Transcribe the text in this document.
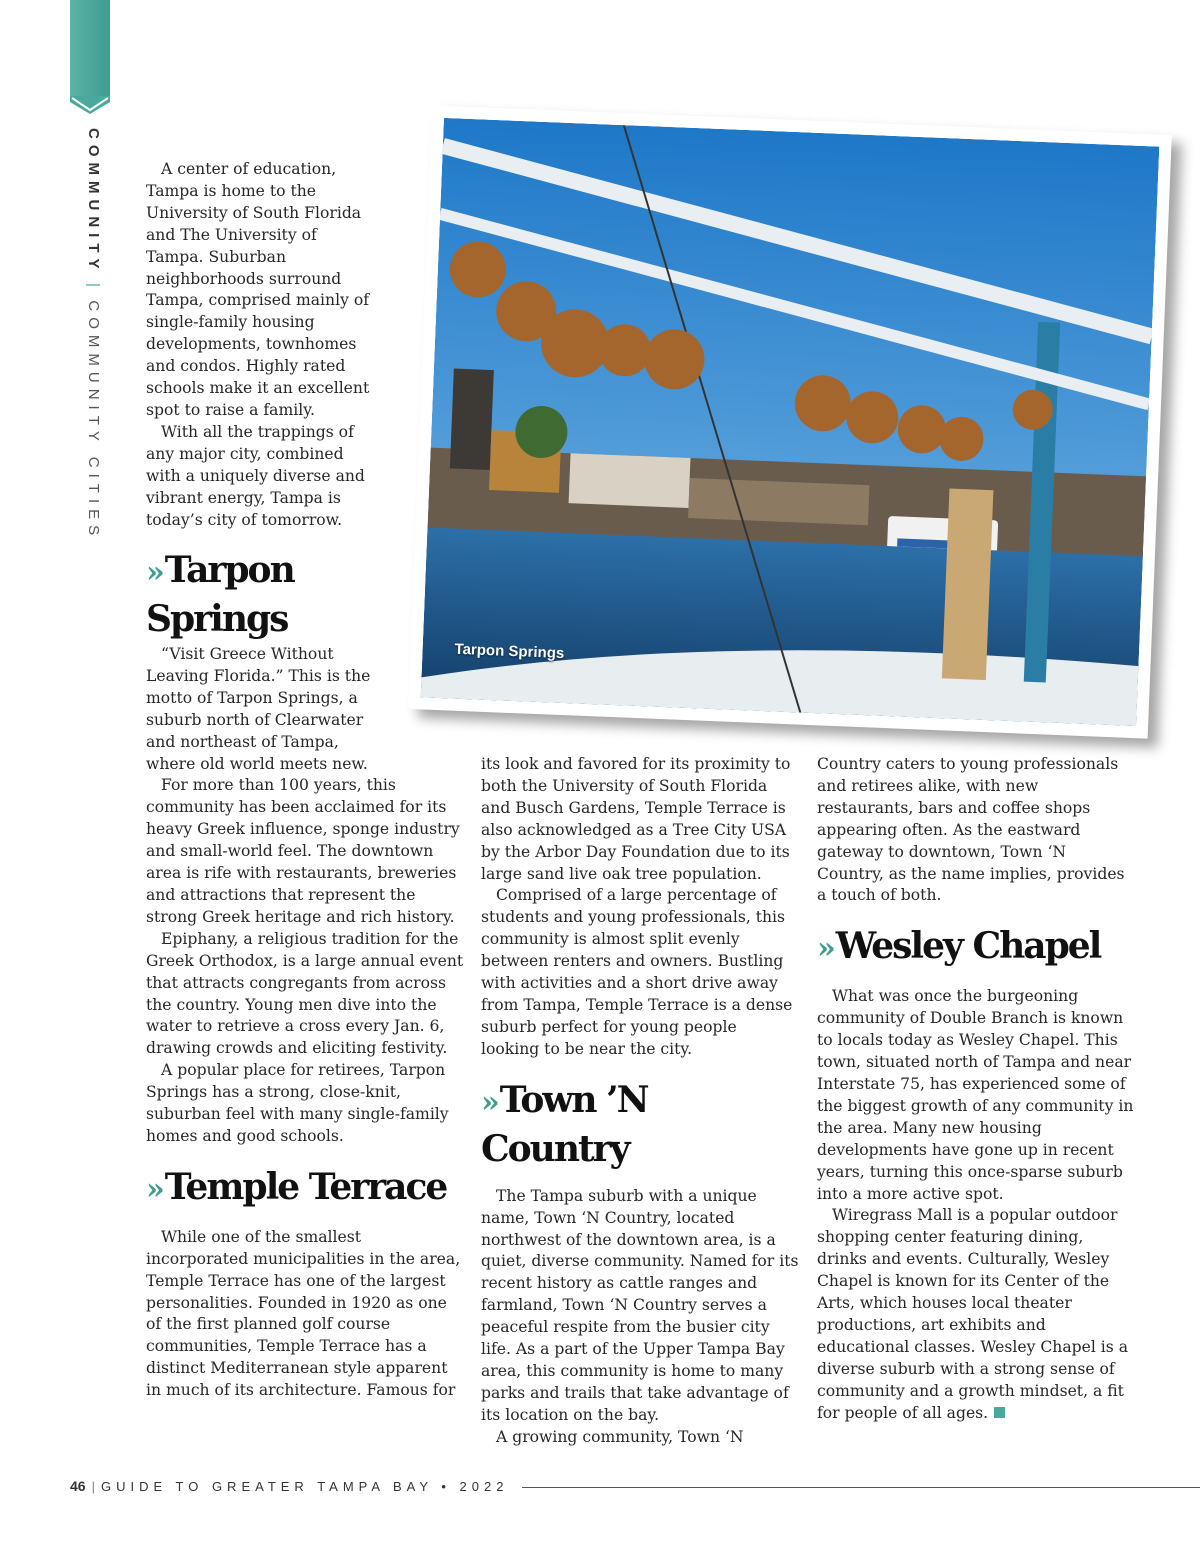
COMMUNITY|COMMUNITY CITIES

A center of education, Tampa is home to the University of South Florida and The University of Tampa. Suburban neighborhoods surround Tampa, comprised mainly of single-family housing developments, townhomes and condos. Highly rated schools make it an excellent spot to raise a family.

With all the trappings of any major city, combined with a uniquely diverse and vibrant energy, Tampa is today’s city of tomorrow.

»Tarpon
Springs

“Visit Greece Without Leaving Florida.” This is the motto of Tarpon Springs, a suburb north of Clearwater and northeast of Tampa, where old world meets new.

For more than 100 years, this community has been acclaimed for its heavy Greek influence, sponge industry and small-world feel. The downtown area is rife with restaurants, breweries and attractions that represent the strong Greek heritage and rich history.

Epiphany, a religious tradition for the Greek Orthodox, is a large annual event that attracts congregants from across the country. Young men dive into the water to retrieve a cross every Jan. 6, drawing crowds and eliciting festivity.

A popular place for retirees, Tarpon Springs has a strong, close-knit, suburban feel with many single-family homes and good schools.

»Temple Terrace

While one of the smallest incorporated municipalities in the area, Temple Terrace has one of the largest personalities. Founded in 1920 as one of the first planned golf course communities, Temple Terrace has a distinct Mediterranean style apparent in much of its architecture. Famous for

its look and favored for its proximity to both the University of South Florida and Busch Gardens, Temple Terrace is also acknowledged as a Tree City USA by the Arbor Day Foundation due to its large sand live oak tree population.

Comprised of a large percentage of students and young professionals, this community is almost split evenly between renters and owners. Bustling with activities and a short drive away from Tampa, Temple Terrace is a dense suburb perfect for young people looking to be near the city.

»Town ’N Country

The Tampa suburb with a unique name, Town ‘N Country, located northwest of the downtown area, is a quiet, diverse community. Named for its recent history as cattle ranges and farmland, Town ‘N Country serves a peaceful respite from the busier city life. As a part of the Upper Tampa Bay area, this community is home to many parks and trails that take advantage of its location on the bay.

A growing community, Town ‘N

Country caters to young professionals and retirees alike, with new restaurants, bars and coffee shops appearing often. As the eastward gateway to downtown, Town ‘N Country, as the name implies, provides a touch of both.

»Wesley Chapel

What was once the burgeoning community of Double Branch is known to locals today as Wesley Chapel. This town, situated north of Tampa and near Interstate 75, has experienced some of the biggest growth of any community in the area. Many new housing developments have gone up in recent years, turning this once-sparse suburb into a more active spot.

Wiregrass Mall is a popular outdoor shopping center featuring dining, drinks and events. Culturally, Wesley Chapel is known for its Center of the Arts, which houses local theater productions, art exhibits and educational classes. Wesley Chapel is a diverse suburb with a strong sense of community and a growth mindset, a fit for people of all ages.

Tarpon Springs
46 | GUIDE TO GREATER TAMPA BAY • 2022
